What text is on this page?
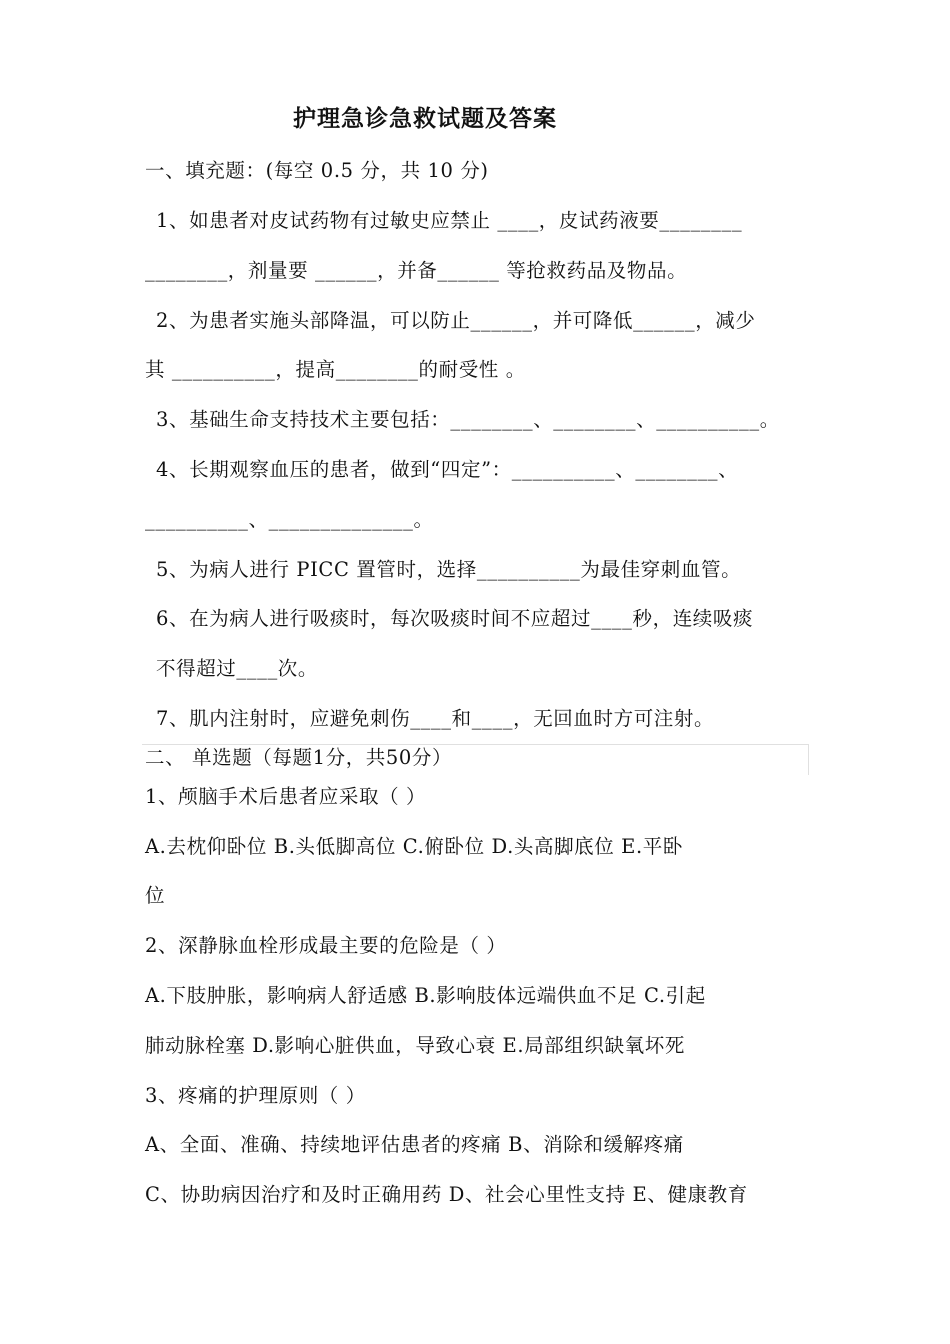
护理急诊急救试题及答案
一、填充题：(每空 0.5 分，共 10 分)
1、如患者对皮试药物有过敏史应禁止 ____，皮试药液要________
________，剂量要 ______，并备______ 等抢救药品及物品。
2、为患者实施头部降温，可以防止______，并可降低______，减少
其 __________，提高________的耐受性 。
3、基础生命支持技术主要包括：________、________、__________。
4、长期观察血压的患者，做到“四定”：__________、________、
__________、______________。
5、为病人进行 PICC 置管时，选择__________为最佳穿刺血管。
6、在为病人进行吸痰时，每次吸痰时间不应超过____秒，连续吸痰
不得超过____次。
7、肌内注射时，应避免刺伤____和____，无回血时方可注射。
二、 单选题（每题1分，共50分）
1、颅脑手术后患者应采取（ ）
A.去枕仰卧位 B.头低脚高位 C.俯卧位 D.头高脚底位 E.平卧
位
2、深静脉血栓形成最主要的危险是（ ）
A.下肢肿胀，影响病人舒适感 B.影响肢体远端供血不足 C.引起
肺动脉栓塞 D.影响心脏供血，导致心衰 E.局部组织缺氧坏死
3、疼痛的护理原则（ ）
A、全面、准确、持续地评估患者的疼痛 B、消除和缓解疼痛
C、协助病因治疗和及时正确用药 D、社会心里性支持 E、健康教育
